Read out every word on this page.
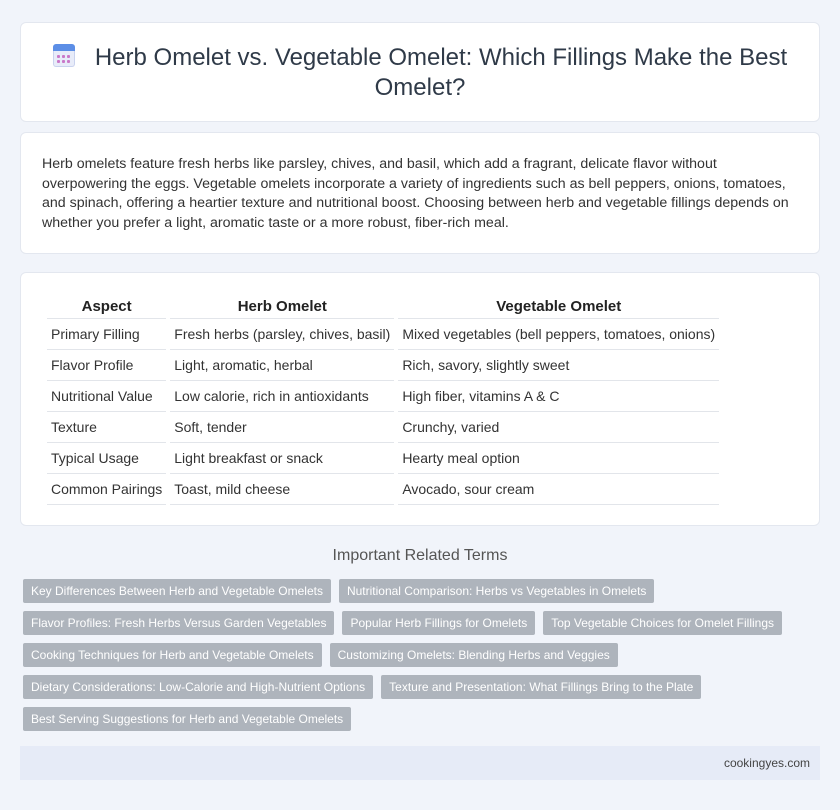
Herb Omelet vs. Vegetable Omelet: Which Fillings Make the Best Omelet?

Herb omelets feature fresh herbs like parsley, chives, and basil, which add a fragrant, delicate flavor without overpowering the eggs. Vegetable omelets incorporate a variety of ingredients such as bell peppers, onions, tomatoes, and spinach, offering a heartier texture and nutritional boost. Choosing between herb and vegetable fillings depends on whether you prefer a light, aromatic taste or a more robust, fiber-rich meal.

Aspect	Herb Omelet	Vegetable Omelet
Primary Filling	Fresh herbs (parsley, chives, basil)	Mixed vegetables (bell peppers, tomatoes, onions)
Flavor Profile	Light, aromatic, herbal	Rich, savory, slightly sweet
Nutritional Value	Low calorie, rich in antioxidants	High fiber, vitamins A & C
Texture	Soft, tender	Crunchy, varied
Typical Usage	Light breakfast or snack	Hearty meal option
Common Pairings	Toast, mild cheese	Avocado, sour cream
Important Related Terms
Key Differences Between Herb and Vegetable Omelets	Nutritional Comparison: Herbs vs Vegetables in Omelets
Flavor Profiles: Fresh Herbs Versus Garden Vegetables	Popular Herb Fillings for Omelets	Top Vegetable Choices for Omelet Fillings
Cooking Techniques for Herb and Vegetable Omelets	Customizing Omelets: Blending Herbs and Veggies
Dietary Considerations: Low-Calorie and High-Nutrient Options	Texture and Presentation: What Fillings Bring to the Plate
Best Serving Suggestions for Herb and Vegetable Omelets
cookingyes.com
